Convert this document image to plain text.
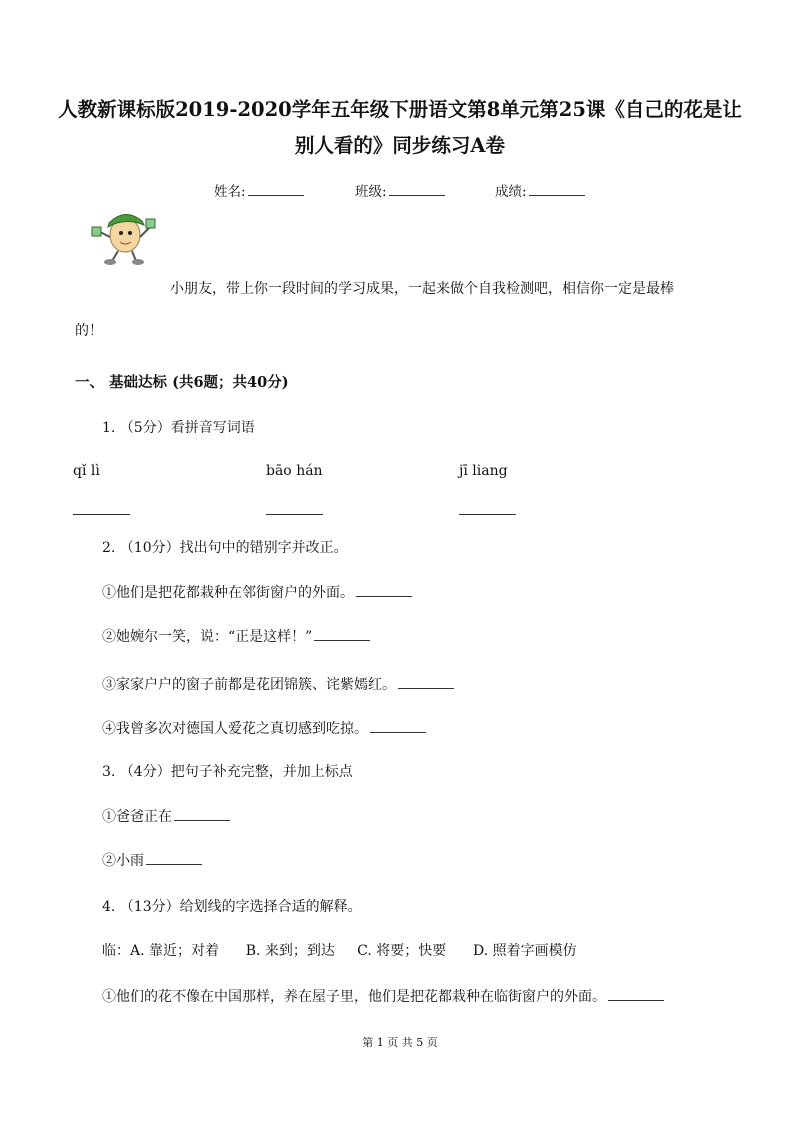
人教新课标版2019-2020学年五年级下册语文第8单元第25课《自己的花是让
别人看的》同步练习A卷
姓名:	班级:	成绩:
小朋友，带上你一段时间的学习成果，一起来做个自我检测吧，相信你一定是最棒
的！
一、 基础达标 (共6题；共40分)
1. （5分）看拼音写词语
qǐ lì	bāo hán	jī liang
2. （10分）找出句中的错别字并改正。
①他们是把花都栽种在邻街窗户的外面。
②她婉尔一笑，说：“正是这样！”
③家家户户的窗子前都是花团锦簇、诧紫嫣红。
④我曾多次对德国人爱花之真切感到吃掠。
3. （4分）把句子补充完整，并加上标点
①爸爸正在
②小雨
4. （13分）给划线的字选择合适的解释。
临：A. 靠近；对着      B. 来到；到达     C. 将要；快要      D. 照着字画模仿
①他们的花不像在中国那样，养在屋子里，他们是把花都栽种在临街窗户的外面。
第 1 页 共 5 页
